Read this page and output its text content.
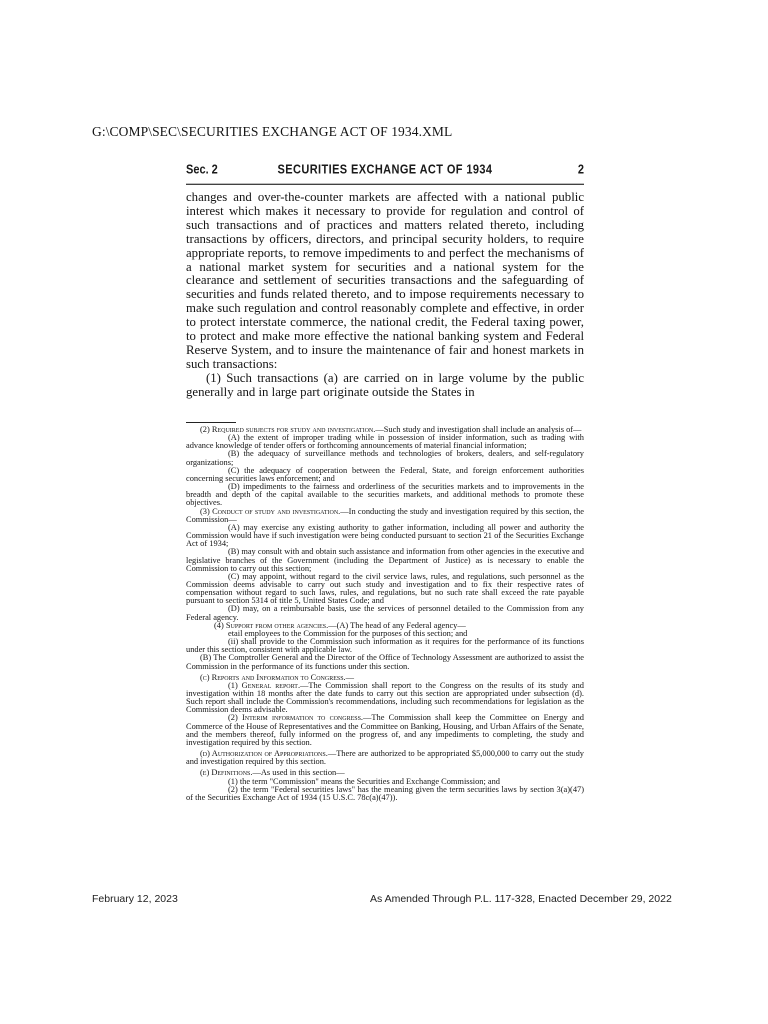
G:\COMP\SEC\SECURITIES EXCHANGE ACT OF 1934.XML
Sec. 2	SECURITIES EXCHANGE ACT OF 1934	2

changes and over-the-counter markets are affected with a national public interest which makes it necessary to provide for regulation and control of such transactions and of practices and matters related thereto, including transactions by officers, directors, and principal security holders, to require appropriate reports, to remove impediments to and perfect the mechanisms of a national market system for securities and a national system for the clearance and settlement of securities transactions and the safeguarding of securities and funds related thereto, and to impose requirements necessary to make such regulation and control reasonably complete and effective, in order to protect interstate commerce, the national credit, the Federal taxing power, to protect and make more effective the national banking system and Federal Reserve System, and to insure the maintenance of fair and honest markets in such transactions:

(1) Such transactions (a) are carried on in large volume by the public generally and in large part originate outside the States in

(2) Required subjects for study and investigation.—Such study and investigation shall include an analysis of—

(A) the extent of improper trading while in possession of insider information, such as trading with advance knowledge of tender offers or forthcoming announcements of material financial information;

(B) the adequacy of surveillance methods and technologies of brokers, dealers, and self-regulatory organizations;

(C) the adequacy of cooperation between the Federal, State, and foreign enforcement authorities concerning securities laws enforcement; and

(D) impediments to the fairness and orderliness of the securities markets and to improvements in the breadth and depth of the capital available to the securities markets, and additional methods to promote these objectives.

(3) Conduct of study and investigation.—In conducting the study and investigation required by this section, the Commission—

(A) may exercise any existing authority to gather information, including all power and authority the Commission would have if such investigation were being conducted pursuant to section 21 of the Securities Exchange Act of 1934;

(B) may consult with and obtain such assistance and information from other agencies in the executive and legislative branches of the Government (including the Department of Justice) as is necessary to enable the Commission to carry out this section;

(C) may appoint, without regard to the civil service laws, rules, and regulations, such personnel as the Commission deems advisable to carry out such study and investigation and to fix their respective rates of compensation without regard to such laws, rules, and regulations, but no such rate shall exceed the rate payable pursuant to section 5314 of title 5, United States Code; and

(D) may, on a reimbursable basis, use the services of personnel detailed to the Commission from any Federal agency.

(4) Support from other agencies.—(A) The head of any Federal agency—

etail employees to the Commission for the purposes of this section; and

(ii) shall provide to the Commission such information as it requires for the performance of its functions under this section, consistent with applicable law.

(B) The Comptroller General and the Director of the Office of Technology Assessment are authorized to assist the Commission in the performance of its functions under this section.

(c) Reports and Information to Congress.—

(1) General report.—The Commission shall report to the Congress on the results of its study and investigation within 18 months after the date funds to carry out this section are appropriated under subsection (d). Such report shall include the Commission's recommendations, including such recommendations for legislation as the Commission deems advisable.

(2) Interim information to congress.—The Commission shall keep the Committee on Energy and Commerce of the House of Representatives and the Committee on Banking, Housing, and Urban Affairs of the Senate, and the members thereof, fully informed on the progress of, and any impediments to completing, the study and investigation required by this section.

(d) Authorization of Appropriations.—There are authorized to be appropriated $5,000,000 to carry out the study and investigation required by this section.

(e) Definitions.—As used in this section—

(1) the term "Commission" means the Securities and Exchange Commission; and

(2) the term "Federal securities laws" has the meaning given the term securities laws by section 3(a)(47) of the Securities Exchange Act of 1934 (15 U.S.C. 78c(a)(47)).

February 12, 2023	As Amended Through P.L. 117-328, Enacted December 29, 2022
